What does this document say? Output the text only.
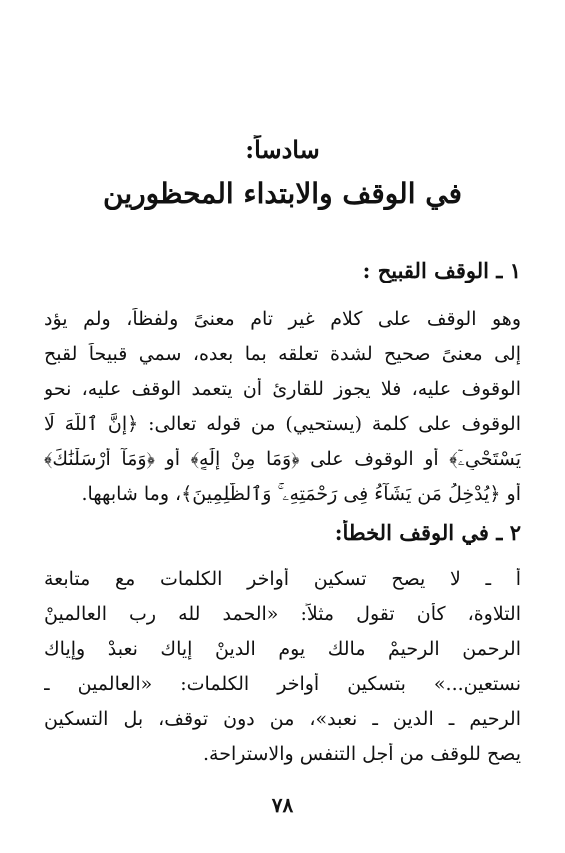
سادساً:
في الوقف والابتداء المحظورين
١ ـ الوقف القبيح :
وهو الوقف على كلام غير تام معنىً ولفظاً، ولم يؤد
إلى معنىً صحيح لشدة تعلقه بما بعده، سمي قبيحاً لقبح
الوقوف عليه، فلا يجوز للقارئ أن يتعمد الوقف عليه، نحو
الوقوف على كلمة (يستحيي) من قوله تعالى: ﴿إِنَّ ٱللَّهَ لَا
يَسْتَحْىِۦٓ﴾ أو الوقوف على ﴿وَمَا مِنْ إِلَٰهٍ﴾ أو ﴿وَمَآ أَرْسَلْنَٰكَ﴾
أو ﴿يُدْخِلُ مَن يَشَآءُ فِى رَحْمَتِهِۦ ۚ وَٱلظَّٰلِمِينَ﴾، وما شابهها.
٢ ـ في الوقف الخطأ:
أ ـ لا يصح تسكين أواخر الكلمات مع متابعة
التلاوة، كأن تقول مثلاً: «الحمد لله رب العالمينْ
الرحمن الرحيمْ مالك يوم الدينْ إياك نعبدْ وإياك
نستعين...» بتسكين أواخر الكلمات: «العالمين ـ
الرحيم ـ الدين ـ نعبد»، من دون توقف، بل التسكين
يصح للوقف من أجل التنفس والاستراحة.
٧٨
